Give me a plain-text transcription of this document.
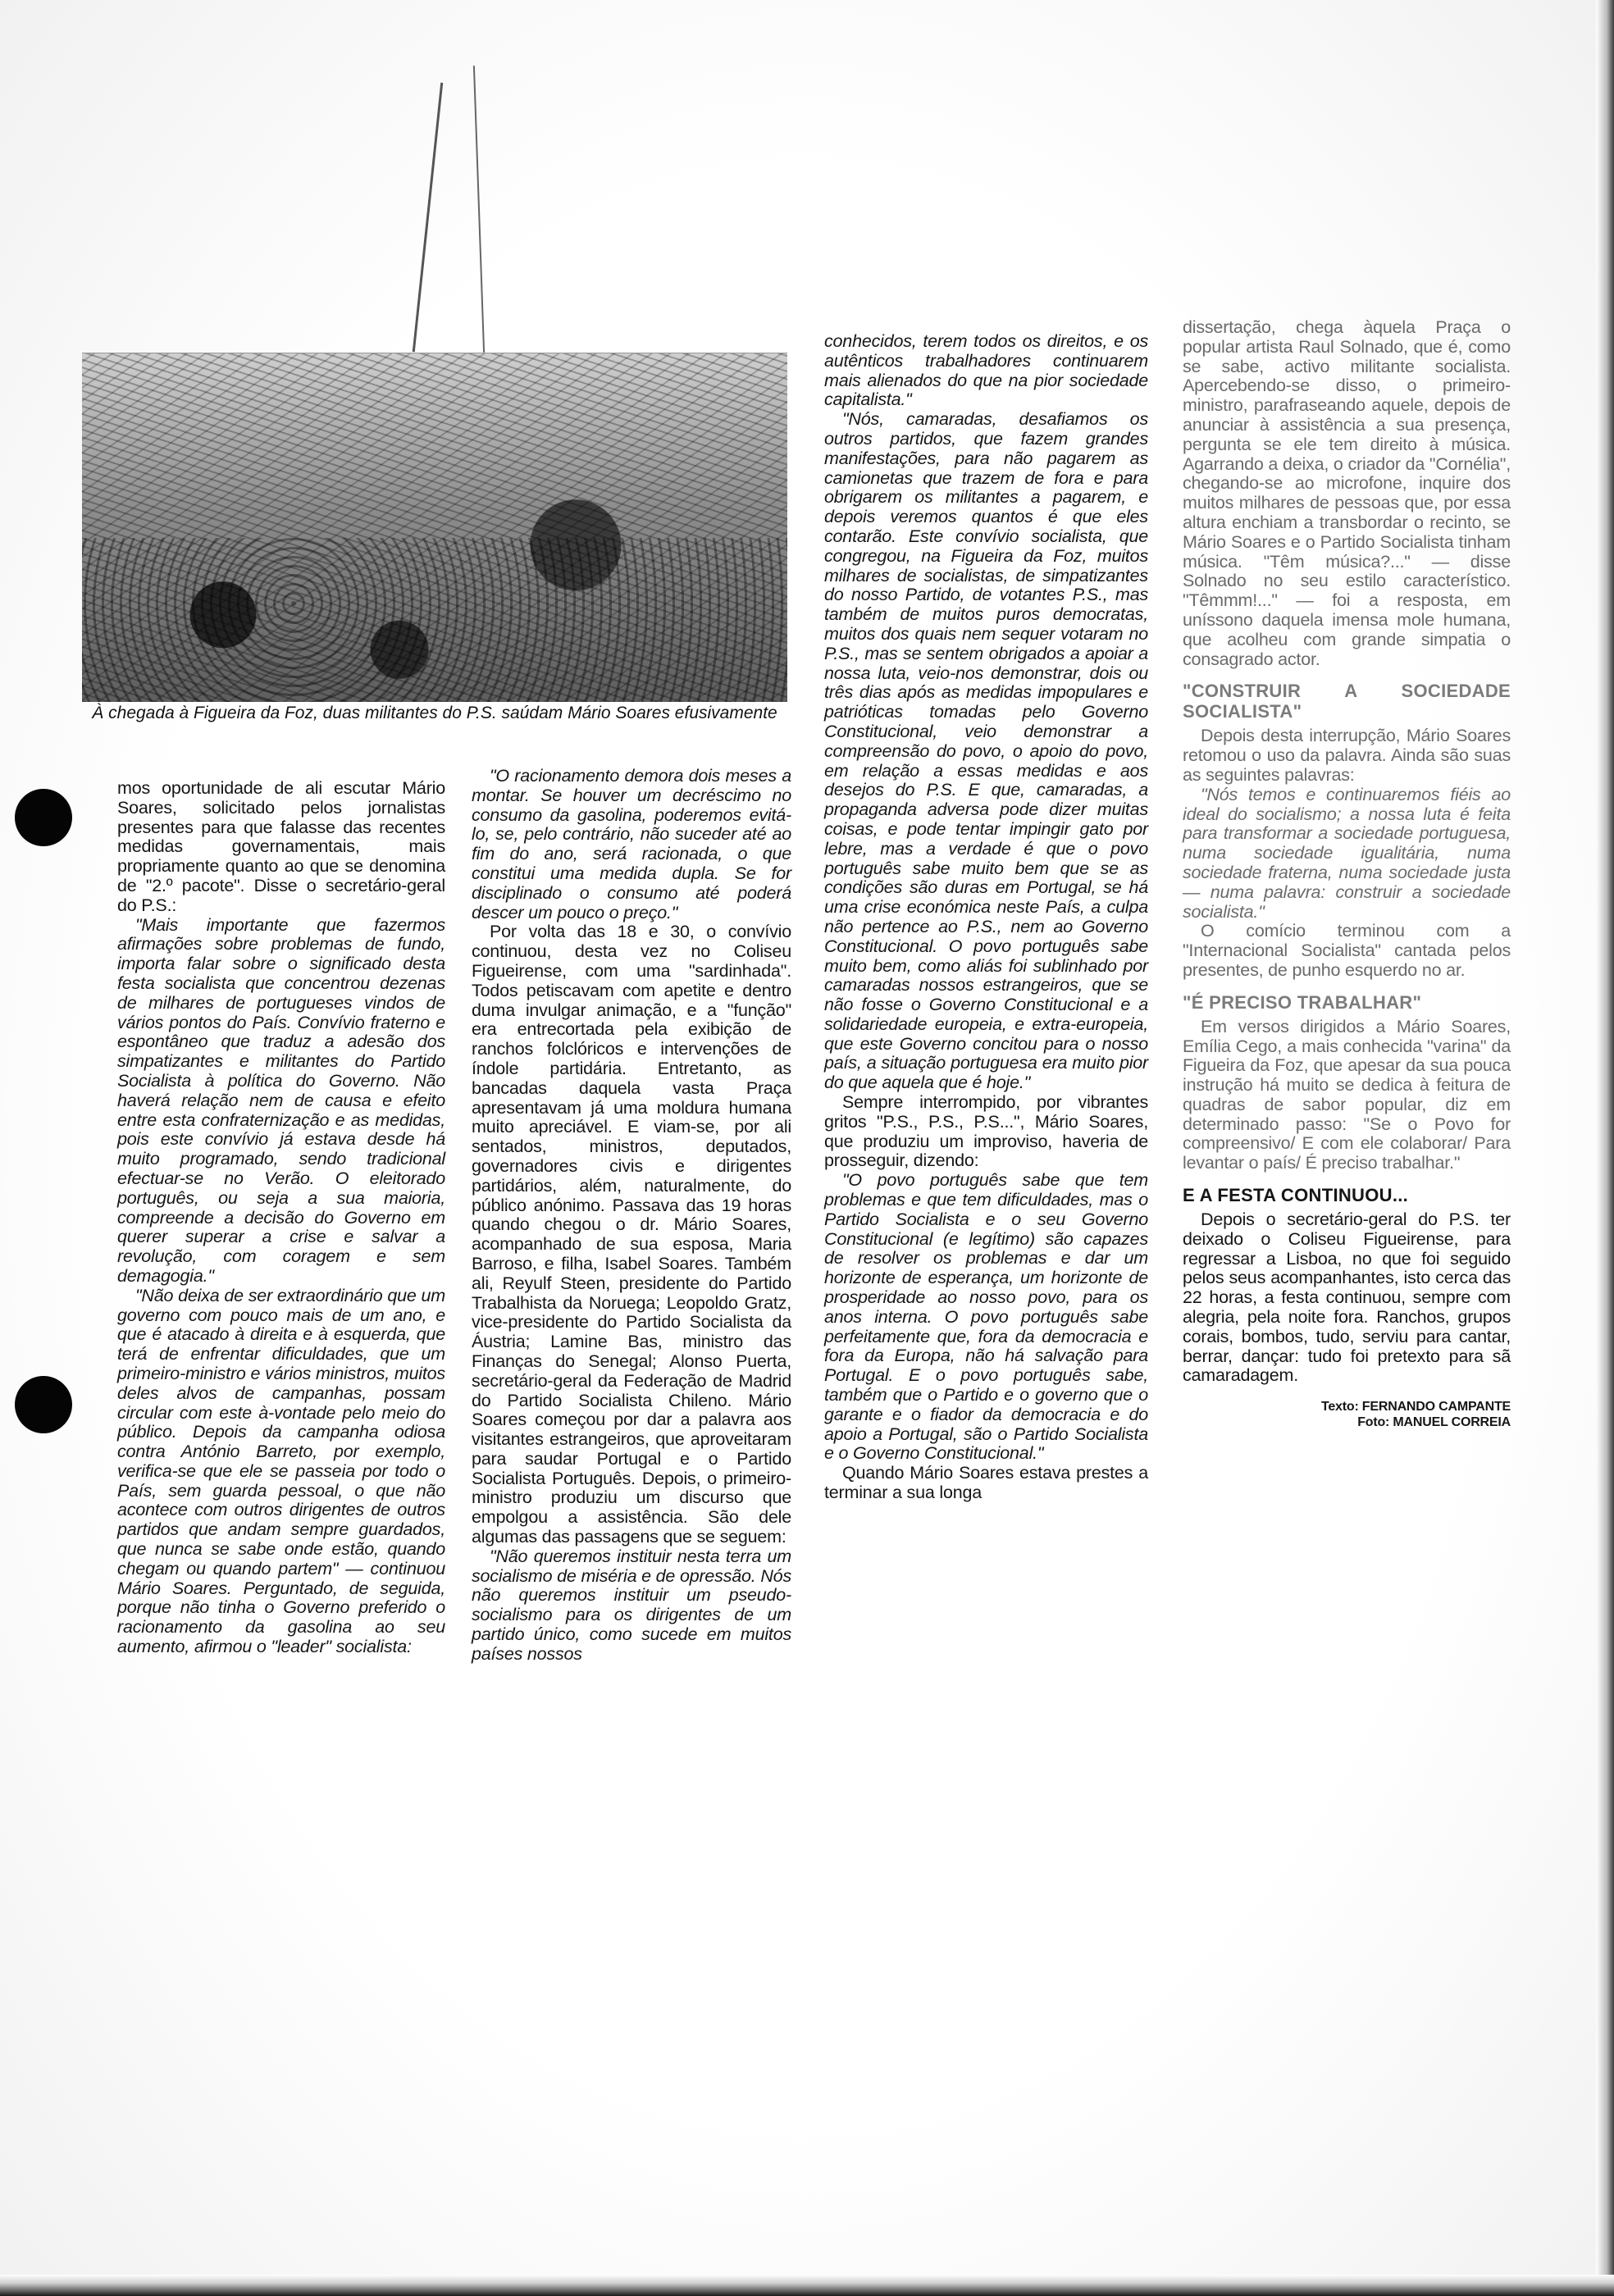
À chegada à Figueira da Foz, duas militantes do P.S. saúdam Mário Soares efusivamente

mos oportunidade de ali escutar Mário Soares, solicitado pelos jornalistas presentes para que falasse das recentes medidas governamentais, mais propriamente quanto ao que se denomina de "2.º pacote". Disse o secretário-geral do P.S.:

"Mais importante que fazermos afirmações sobre problemas de fundo, importa falar sobre o significado desta festa socialista que concentrou dezenas de milhares de portugueses vindos de vários pontos do País. Convívio fraterno e espontâneo que traduz a adesão dos simpatizantes e militantes do Partido Socialista à política do Governo. Não haverá relação nem de causa e efeito entre esta confraternização e as medidas, pois este convívio já estava desde há muito programado, sendo tradicional efectuar-se no Verão. O eleitorado português, ou seja a sua maioria, compreende a decisão do Governo em querer superar a crise e salvar a revolução, com coragem e sem demagogia."

"Não deixa de ser extraordinário que um governo com pouco mais de um ano, e que é atacado à direita e à esquerda, que terá de enfrentar dificuldades, que um primeiro-ministro e vários ministros, muitos deles alvos de campanhas, possam circular com este à-vontade pelo meio do público. Depois da campanha odiosa contra António Barreto, por exemplo, verifica-se que ele se passeia por todo o País, sem guarda pessoal, o que não acontece com outros dirigentes de outros partidos que andam sempre guardados, que nunca se sabe onde estão, quando chegam ou quando partem" — continuou Mário Soares. Perguntado, de seguida, porque não tinha o Governo preferido o racionamento da gasolina ao seu aumento, afirmou o "leader" socialista:

"O racionamento demora dois meses a montar. Se houver um decréscimo no consumo da gasolina, poderemos evitá-lo, se, pelo contrário, não suceder até ao fim do ano, será racionada, o que constitui uma medida dupla. Se for disciplinado o consumo até poderá descer um pouco o preço."

Por volta das 18 e 30, o convívio continuou, desta vez no Coliseu Figueirense, com uma "sardinhada". Todos petiscavam com apetite e dentro duma invulgar animação, e a "função" era entrecortada pela exibição de ranchos folclóricos e intervenções de índole partidária. Entretanto, as bancadas daquela vasta Praça apresentavam já uma moldura humana muito apreciável. E viam-se, por ali sentados, ministros, deputados, governadores civis e dirigentes partidários, além, naturalmente, do público anónimo. Passava das 19 horas quando chegou o dr. Mário Soares, acompanhado de sua esposa, Maria Barroso, e filha, Isabel Soares. Também ali, Reyulf Steen, presidente do Partido Trabalhista da Noruega; Leopoldo Gratz, vice-presidente do Partido Socialista da Áustria; Lamine Bas, ministro das Finanças do Senegal; Alonso Puerta, secretário-geral da Federação de Madrid do Partido Socialista Chileno. Mário Soares começou por dar a palavra aos visitantes estrangeiros, que aproveitaram para saudar Portugal e o Partido Socialista Português. Depois, o primeiro-ministro produziu um discurso que empolgou a assistência. São dele algumas das passagens que se seguem:

"Não queremos instituir nesta terra um socialismo de miséria e de opressão. Nós não queremos instituir um pseudo-socialismo para os dirigentes de um partido único, como sucede em muitos países nossos

conhecidos, terem todos os direitos, e os autênticos trabalhadores continuarem mais alienados do que na pior sociedade capitalista."

"Nós, camaradas, desafiamos os outros partidos, que fazem grandes manifestações, para não pagarem as camionetas que trazem de fora e para obrigarem os militantes a pagarem, e depois veremos quantos é que eles contarão. Este convívio socialista, que congregou, na Figueira da Foz, muitos milhares de socialistas, de simpatizantes do nosso Partido, de votantes P.S., mas também de muitos puros democratas, muitos dos quais nem sequer votaram no P.S., mas se sentem obrigados a apoiar a nossa luta, veio-nos demonstrar, dois ou três dias após as medidas impopulares e patrióticas tomadas pelo Governo Constitucional, veio demonstrar a compreensão do povo, o apoio do povo, em relação a essas medidas e aos desejos do P.S. E que, camaradas, a propaganda adversa pode dizer muitas coisas, e pode tentar impingir gato por lebre, mas a verdade é que o povo português sabe muito bem que se as condições são duras em Portugal, se há uma crise económica neste País, a culpa não pertence ao P.S., nem ao Governo Constitucional. O povo português sabe muito bem, como aliás foi sublinhado por camaradas nossos estrangeiros, que se não fosse o Governo Constitucional e a solidariedade europeia, e extra-europeia, que este Governo concitou para o nosso país, a situação portuguesa era muito pior do que aquela que é hoje."

Sempre interrompido, por vibrantes gritos "P.S., P.S., P.S...", Mário Soares, que produziu um improviso, haveria de prosseguir, dizendo:

"O povo português sabe que tem problemas e que tem dificuldades, mas o Partido Socialista e o seu Governo Constitucional (e legítimo) são capazes de resolver os problemas e dar um horizonte de esperança, um horizonte de prosperidade ao nosso povo, para os anos interna. O povo português sabe perfeitamente que, fora da democracia e fora da Europa, não há salvação para Portugal. E o povo português sabe, também que o Partido e o governo que o garante e o fiador da democracia e do apoio a Portugal, são o Partido Socialista e o Governo Constitucional."

Quando Mário Soares estava prestes a terminar a sua longa

dissertação, chega àquela Praça o popular artista Raul Solnado, que é, como se sabe, activo militante socialista. Apercebendo-se disso, o primeiro-ministro, parafraseando aquele, depois de anunciar à assistência a sua presença, pergunta se ele tem direito à música. Agarrando a deixa, o criador da "Cornélia", chegando-se ao microfone, inquire dos muitos milhares de pessoas que, por essa altura enchiam a transbordar o recinto, se Mário Soares e o Partido Socialista tinham música. "Têm música?..." — disse Solnado no seu estilo característico. "Têmmm!..." — foi a resposta, em uníssono daquela imensa mole humana, que acolheu com grande simpatia o consagrado actor.

"CONSTRUIR A SOCIEDADE SOCIALISTA"

Depois desta interrupção, Mário Soares retomou o uso da palavra. Ainda são suas as seguintes palavras:

"Nós temos e continuaremos fiéis ao ideal do socialismo; a nossa luta é feita para transformar a sociedade portuguesa, numa sociedade igualitária, numa sociedade fraterna, numa sociedade justa — numa palavra: construir a sociedade socialista."

O comício terminou com a "Internacional Socialista" cantada pelos presentes, de punho esquerdo no ar.

"É PRECISO TRABALHAR"

Em versos dirigidos a Mário Soares, Emília Cego, a mais conhecida "varina" da Figueira da Foz, que apesar da sua pouca instrução há muito se dedica à feitura de quadras de sabor popular, diz em determinado passo: "Se o Povo for compreensivo/ E com ele colaborar/ Para levantar o país/ É preciso trabalhar."

E A FESTA CONTINUOU...

Depois o secretário-geral do P.S. ter deixado o Coliseu Figueirense, para regressar a Lisboa, no que foi seguido pelos seus acompanhantes, isto cerca das 22 horas, a festa continuou, sempre com alegria, pela noite fora. Ranchos, grupos corais, bombos, tudo, serviu para cantar, berrar, dançar: tudo foi pretexto para sã camaradagem.

Texto: FERNANDO CAMPANTE
Foto: MANUEL CORREIA
